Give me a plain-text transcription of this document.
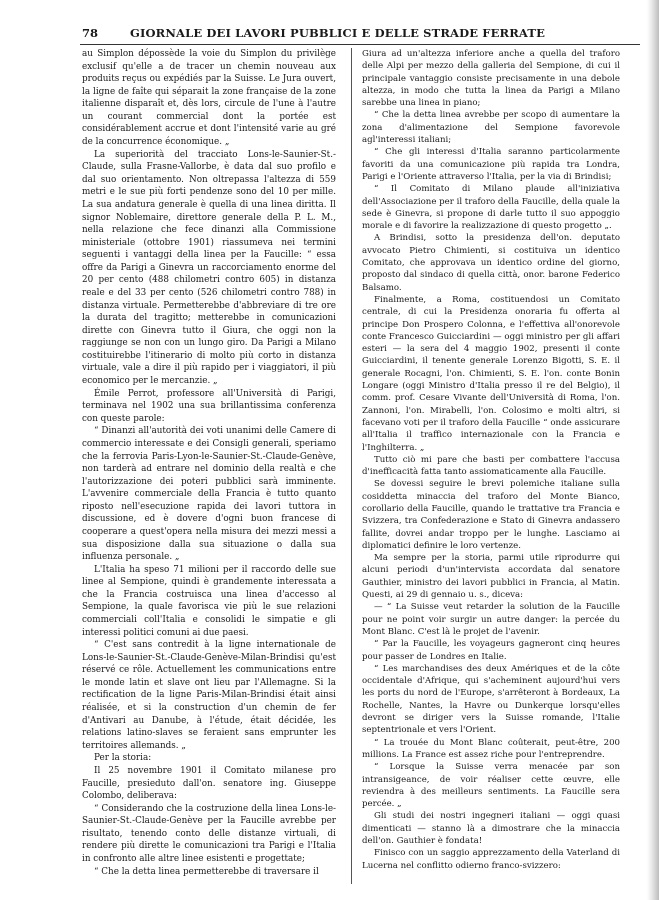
78	GIORNALE DEI LAVORI PUBBLICI E DELLE STRADE FERRATE

au Simplon dépossède la voie du Simplon du privilège exclusif qu'elle a de tracer un chemin nouveau aux produits reçus ou expédiés par la Suisse. Le Jura ouvert, la ligne de faîte qui séparait la zone française de la zone italienne disparaît et, dès lors, circule de l'une à l'autre un courant commercial dont la portée est considérablement accrue et dont l'intensité varie au gré de la concurrence économique. „

La superiorità del tracciato Lons-le-Saunier-St.-Claude, sulla Frasne-Vallorbe, è data dal suo profilo e dal suo orientamento. Non oltrepassa l'altezza di 559 metri e le sue più forti pendenze sono del 10 per mille. La sua andatura generale è quella di una linea diritta. Il signor Noblemaire, direttore generale della P. L. M., nella relazione che fece dinanzi alla Commissione ministeriale (ottobre 1901) riassumeva nei termini seguenti i vantaggi della linea per la Faucille: “ essa offre da Parigi a Ginevra un raccorciamento enorme del 20 per cento (488 chilometri contro 605) in distanza reale e del 33 per cento (526 chilometri contro 788) in distanza virtuale. Permetterebbe d'abbreviare di tre ore la durata del tragitto; metterebbe in comunicazioni dirette con Ginevra tutto il Giura, che oggi non la raggiunge se non con un lungo giro. Da Parigi a Milano costituirebbe l'itinerario di molto più corto in distanza virtuale, vale a dire il più rapido per i viaggiatori, il più economico per le mercanzie. „

Émile Perrot, professore all'Università di Parigi, terminava nel 1902 una sua brillantissima conferenza con queste parole:

“ Dinanzi all'autorità dei voti unanimi delle Camere di commercio interessate e dei Consigli generali, speriamo che la ferrovia Paris-Lyon-le-Saunier-St.-Claude-Genève, non tarderà ad entrare nel dominio della realtà e che l'autorizzazione dei poteri pubblici sarà imminente. L'avvenire commerciale della Francia è tutto quanto riposto nell'esecuzione rapida dei lavori tuttora in discussione, ed è dovere d'ogni buon francese di cooperare a quest'opera nella misura dei mezzi messi a sua disposizione dalla sua situazione o dalla sua influenza personale. „

L'Italia ha speso 71 milioni per il raccordo delle sue linee al Sempione, quindi è grandemente interessata a che la Francia costruisca una linea d'accesso al Sempione, la quale favorisca vie più le sue relazioni commerciali coll'Italia e consolidi le simpatie e gli interessi politici comuni ai due paesi.

“ C'est sans contredit à la ligne internationale de Lons-le-Saunier-St.-Claude-Genève-Milan-Brindisi qu'est réservé ce rôle. Actuellement les communications entre le monde latin et slave ont lieu par l'Allemagne. Si la rectification de la ligne Paris-Milan-Brindisi était ainsi réalisée, et si la construction d'un chemin de fer d'Antivari au Danube, à l'étude, était décidée, les relations latino-slaves se feraient sans emprunter les territoires allemands. „

Per la storia:

Il 25 novembre 1901 il Comitato milanese pro Faucille, presieduto dall'on. senatore ing. Giuseppe Colombo, deliberava:

“ Considerando che la costruzione della linea Lons-le-Saunier-St.-Claude-Genève per la Faucille avrebbe per risultato, tenendo conto delle distanze virtuali, di rendere più dirette le comunicazioni tra Parigi e l'Italia in confronto alle altre linee esistenti e progettate;

“ Che la detta linea permetterebbe di traversare il

Giura ad un'altezza inferiore anche a quella del traforo delle Alpi per mezzo della galleria del Sempione, di cui il principale vantaggio consiste precisamente in una debole altezza, in modo che tutta la linea da Parigi a Milano sarebbe una linea in piano;

“ Che la detta linea avrebbe per scopo di aumentare la zona d'alimentazione del Sempione favorevole agl'interessi italiani;

“ Che gli interessi d'Italia saranno particolarmente favoriti da una comunicazione più rapida tra Londra, Parigi e l'Oriente attraverso l'Italia, per la via di Brindisi;

“ Il Comitato di Milano plaude all'iniziativa dell'Associazione per il traforo della Faucille, della quale la sede è Ginevra, si propone di darle tutto il suo appoggio morale e di favorire la realizzazione di questo progetto „.

A Brindisi, sotto la presidenza dell'on. deputato avvocato Pietro Chimienti, si costituiva un identico Comitato, che approvava un identico ordine del giorno, proposto dal sindaco di quella città, onor. barone Federico Balsamo.

Finalmente, a Roma, costituendosi un Comitato centrale, di cui la Presidenza onoraria fu offerta al principe Don Prospero Colonna, e l'effettiva all'onorevole conte Francesco Guicciardini — oggi ministro per gli affari esteri — la sera del 4 maggio 1902, presenti il conte Guicciardini, il tenente generale Lorenzo Bigotti, S. E. il generale Rocagni, l'on. Chimienti, S. E. l'on. conte Bonin Longare (oggi Ministro d'Italia presso il re del Belgio), il comm. prof. Cesare Vivante dell'Università di Roma, l'on. Zannoni, l'on. Mirabelli, l'on. Colosimo e molti altri, si facevano voti per il traforo della Faucille “ onde assicurare all'Italia il traffico internazionale con la Francia e l'Inghilterra. „

Tutto ciò mi pare che basti per combattere l'accusa d'inefficacità fatta tanto assiomaticamente alla Faucille.

Se dovessi seguire le brevi polemiche italiane sulla cosiddetta minaccia del traforo del Monte Bianco, corollario della Faucille, quando le trattative tra Francia e Svizzera, tra Confederazione e Stato di Ginevra andassero fallite, dovrei andar troppo per le lunghe. Lasciamo ai diplomatici definire le loro vertenze.

Ma sempre per la storia, parmi utile riprodurre qui alcuni periodi d'un'intervista accordata dal senatore Gauthier, ministro dei lavori pubblici in Francia, al Matin. Questi, ai 29 di gennaio u. s., diceva:

— “ La Suisse veut retarder la solution de la Faucille pour ne point voir surgir un autre danger: la percée du Mont Blanc. C'est là le projet de l'avenir.

“ Par la Faucille, les voyageurs gagneront cinq heures pour passer de Londres en Italie.

“ Les marchandises des deux Amériques et de la côte occidentale d'Afrique, qui s'acheminent aujourd'hui vers les ports du nord de l'Europe, s'arrêteront à Bordeaux, La Rochelle, Nantes, la Havre ou Dunkerque lorsqu'elles devront se diriger vers la Suisse romande, l'Italie septentrionale et vers l'Orient.

“ La trouée du Mont Blanc coûterait, peut-être, 200 millions. La France est assez riche pour l'entreprendre.

“ Lorsque la Suisse verra menacée par son intransigeance, de voir réaliser cette œuvre, elle reviendra à des meilleurs sentiments. La Faucille sera percée. „

Gli studi dei nostri ingegneri italiani — oggi quasi dimenticati — stanno là a dimostrare che la minaccia dell'on. Gauthier è fondata!

Finisco con un saggio apprezzamento della Vaterland di Lucerna nel conflitto odierno franco-svizzero:
